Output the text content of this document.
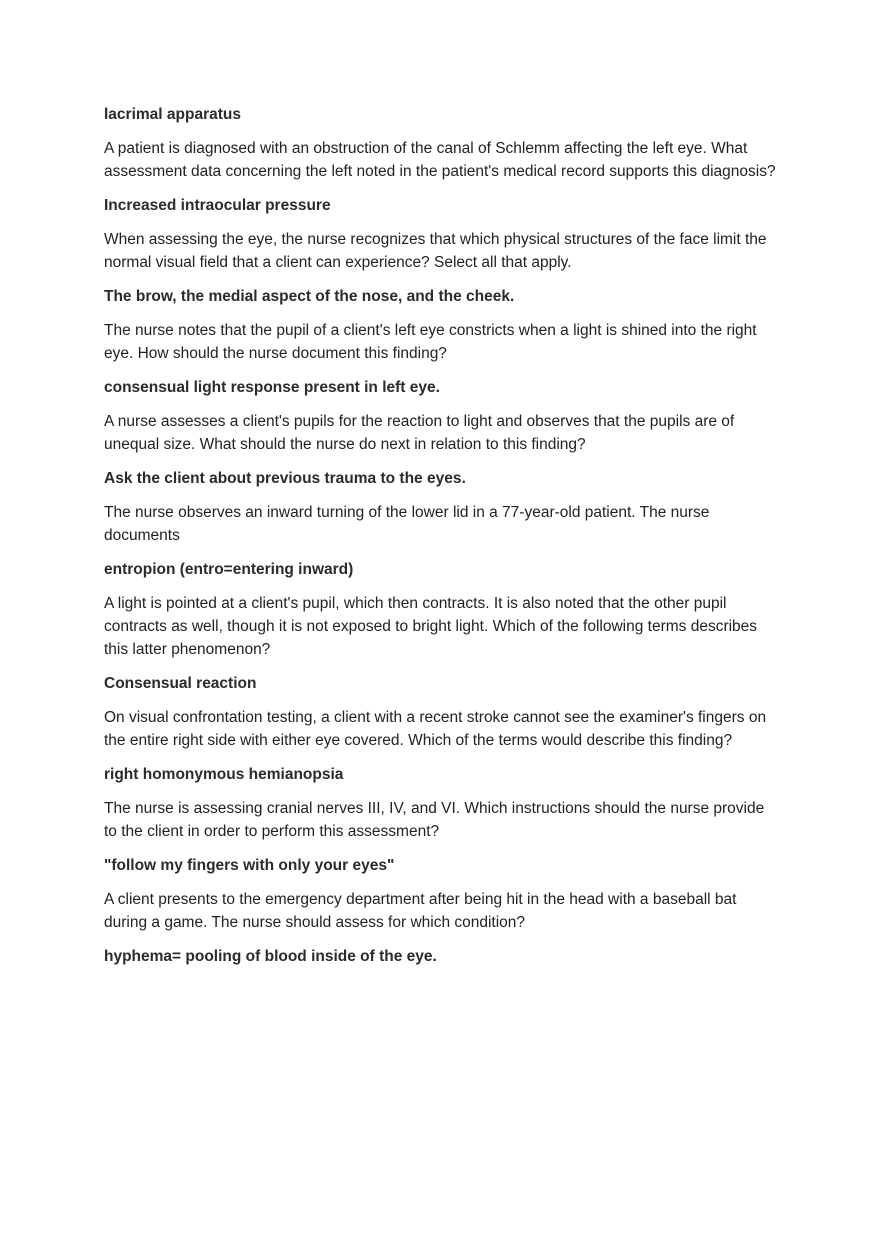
lacrimal apparatus

A patient is diagnosed with an obstruction of the canal of Schlemm affecting the left eye. What assessment data concerning the left noted in the patient's medical record supports this diagnosis?

Increased intraocular pressure

When assessing the eye, the nurse recognizes that which physical structures of the face limit the normal visual field that a client can experience? Select all that apply.

The brow, the medial aspect of the nose, and the cheek.

The nurse notes that the pupil of a client's left eye constricts when a light is shined into the right eye. How should the nurse document this finding?

consensual light response present in left eye.

A nurse assesses a client's pupils for the reaction to light and observes that the pupils are of unequal size. What should the nurse do next in relation to this finding?

Ask the client about previous trauma to the eyes.

The nurse observes an inward turning of the lower lid in a 77-year-old patient. The nurse documents

entropion (entro=entering inward)

A light is pointed at a client's pupil, which then contracts. It is also noted that the other pupil contracts as well, though it is not exposed to bright light. Which of the following terms describes this latter phenomenon?

Consensual reaction

On visual confrontation testing, a client with a recent stroke cannot see the examiner's fingers on the entire right side with either eye covered. Which of the terms would describe this finding?

right homonymous hemianopsia

The nurse is assessing cranial nerves III, IV, and VI. Which instructions should the nurse provide to the client in order to perform this assessment?

"follow my fingers with only your eyes"

A client presents to the emergency department after being hit in the head with a baseball bat during a game. The nurse should assess for which condition?

hyphema= pooling of blood inside of the eye.
